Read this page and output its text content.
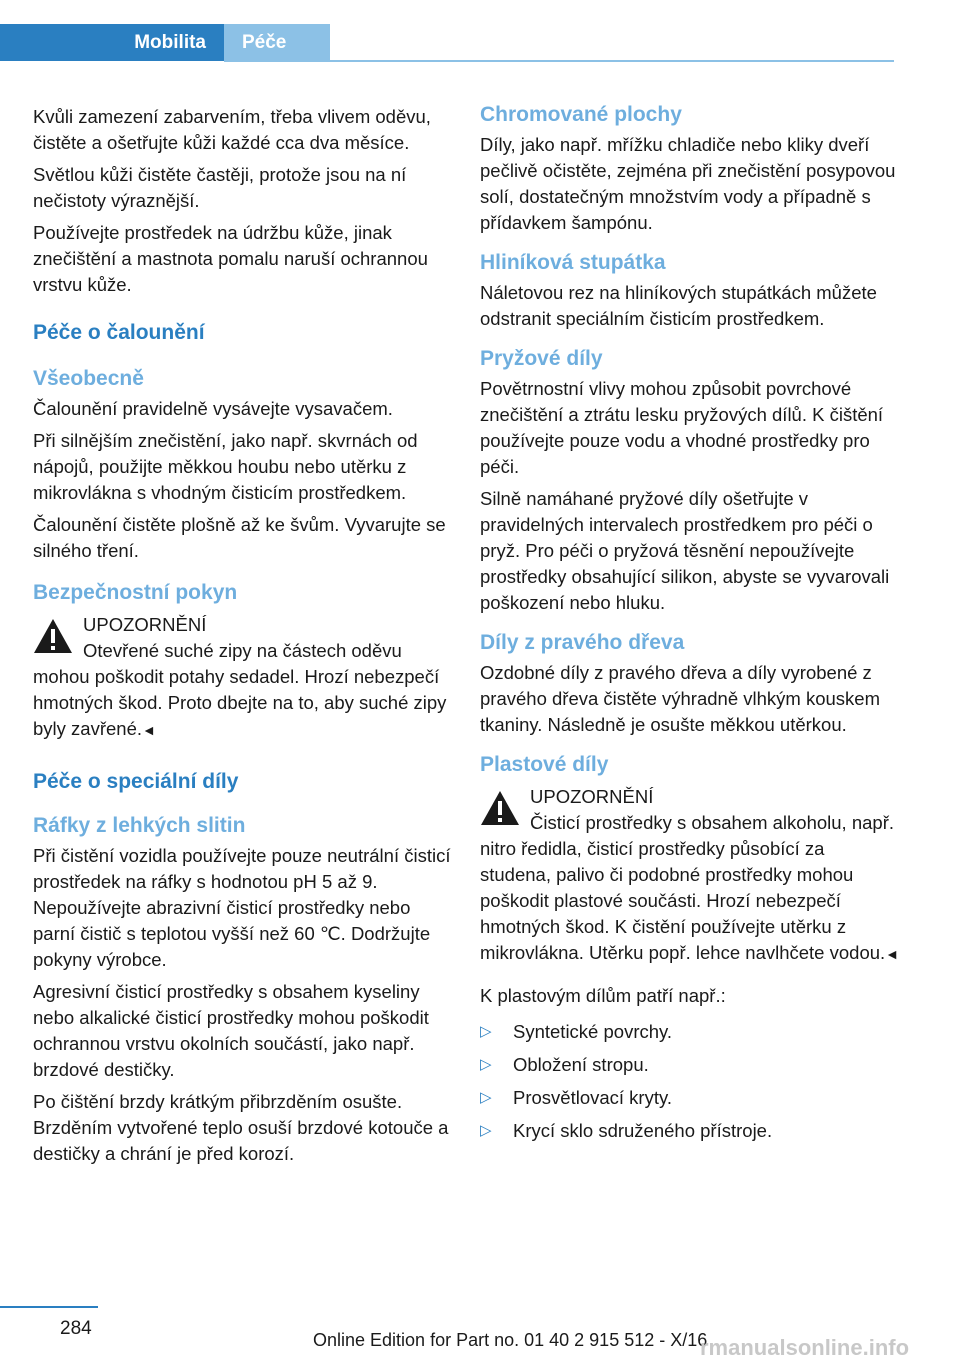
Mobilita	Péče

Kvůli zamezení zabarvením, třeba vlivem oděvu, čistěte a ošetřujte kůži každé cca dva měsíce.

Světlou kůži čistěte častěji, protože jsou na ní nečistoty výraznější.

Používejte prostředek na údržbu kůže, jinak znečištění a mastnota pomalu naruší ochrannou vrstvu kůže.

Péče o čalounění
Všeobecně

Čalounění pravidelně vysávejte vysavačem.

Při silnějším znečistění, jako např. skvrnách od nápojů, použijte měkkou houbu nebo utěrku z mikrovlákna s vhodným čisticím prostředkem.

Čalounění čistěte plošně až ke švům. Vyvarujte se silného tření.

Bezpečnostní pokyn
UPOZORNĚNÍ
Otevřené suché zipy na částech oděvu mohou poškodit potahy sedadel. Hrozí nebezpečí hmotných škod. Proto dbejte na to, aby suché zipy byly zavřené.◄
Péče o speciální díly
Ráfky z lehkých slitin

Při čistění vozidla používejte pouze neutrální čisticí prostředek na ráfky s hodnotou pH 5 až 9. Nepoužívejte abrazivní čisticí prostředky nebo parní čistič s teplotou vyšší než 60 ℃. Dodržujte pokyny výrobce.

Agresivní čisticí prostředky s obsahem kyseliny nebo alkalické čisticí prostředky mohou poškodit ochrannou vrstvu okolních součástí, jako např. brzdové destičky.

Po čištění brzdy krátkým přibrzděním osušte. Brzděním vytvořené teplo osuší brzdové kotouče a destičky a chrání je před korozí.

Chromované plochy

Díly, jako např. mřížku chladiče nebo kliky dveří pečlivě očistěte, zejména při znečistění posypovou solí, dostatečným množstvím vody a případně s přídavkem šampónu.

Hliníková stupátka

Náletovou rez na hliníkových stupátkách můžete odstranit speciálním čisticím prostředkem.

Pryžové díly

Povětrnostní vlivy mohou způsobit povrchové znečištění a ztrátu lesku pryžových dílů. K čištění používejte pouze vodu a vhodné prostředky pro péči.

Silně namáhané pryžové díly ošetřujte v pravidelných intervalech prostředkem pro péči o pryž. Pro péči o pryžová těsnění nepoužívejte prostředky obsahující silikon, abyste se vyvarovali poškození nebo hluku.

Díly z pravého dřeva

Ozdobné díly z pravého dřeva a díly vyrobené z pravého dřeva čistěte výhradně vlhkým kouskem tkaniny. Následně je osušte měkkou utěrkou.

Plastové díly
UPOZORNĚNÍ
Čisticí prostředky s obsahem alkoholu, např. nitro ředidla, čisticí prostředky působící za studena, palivo či podobné prostředky mohou poškodit plastové součásti. Hrozí nebezpečí hmotných škod. K čistění používejte utěrku z mikrovlákna. Utěrku popř. lehce navlhčete vodou.◄

K plastovým dílům patří např.:

▷ Syntetické povrchy.
▷ Obložení stropu.
▷ Prosvětlovací kryty.
▷ Krycí sklo sdruženého přístroje.
284
Online Edition for Part no. 01 40 2 915 512 - X/16
rmanualsonline.info
